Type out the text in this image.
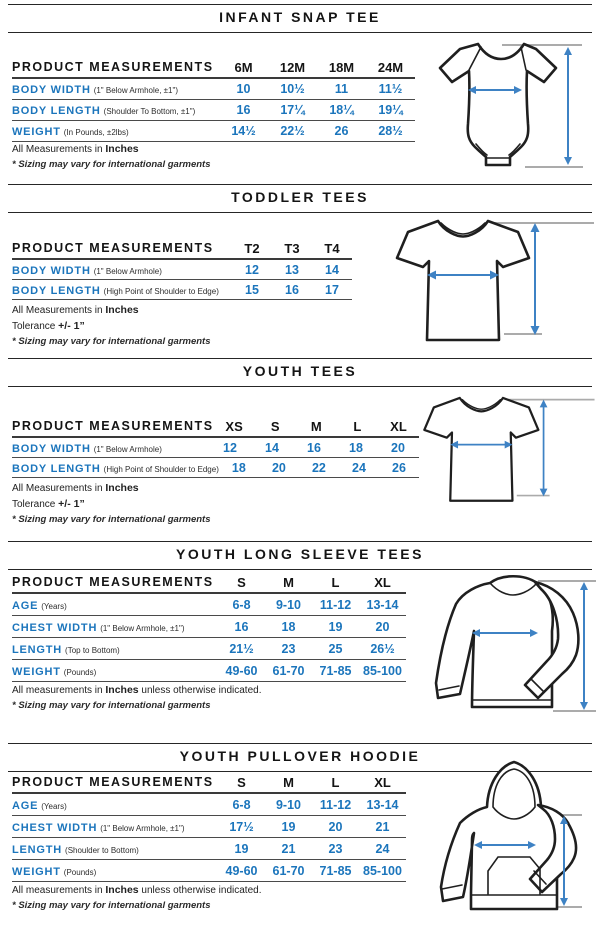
INFANT SNAP TEE
PRODUCT MEASUREMENTS	6M	12M	18M	24M
BODY WIDTH (1" Below Armhole, ±1")	10	10½	11	11½
BODY LENGTH (Shoulder To Bottom, ±1")	16	17¼	18¼	19¼
WEIGHT (In Pounds, ±2lbs)	14½	22½	26	28½
All Measurements in Inches
* Sizing may vary for international garments
TODDLER TEES
PRODUCT MEASUREMENTS	T2	T3	T4
BODY WIDTH (1" Below Armhole)	12	13	14
BODY LENGTH (High Point of Shoulder to Edge)	15	16	17
All Measurements in Inches
Tolerance +/- 1”
* Sizing may vary for international garments
YOUTH TEES
PRODUCT MEASUREMENTS XS	S	M	L	XL
BODY WIDTH (1" Below Armhole)	12	14	16	18	20
BODY LENGTH (High Point of Shoulder to Edge)	18	20	22	24	26
All Measurements in Inches
Tolerance +/- 1”
* Sizing may vary for international garments
YOUTH LONG SLEEVE TEES
PRODUCT MEASUREMENTS	S	M	L	XL
AGE (Years)	6-8	9-10	11-12	13-14
CHEST WIDTH (1" Below Armhole, ±1")	16	18	19	20
LENGTH (Top to Bottom)	21½	23	25	26½
WEIGHT (Pounds)	49-60	61-70	71-85 85-100
All measurements in Inches unless otherwise indicated.
* Sizing may vary for international garments
YOUTH PULLOVER HOODIE
PRODUCT MEASUREMENTS	S	M	L	XL
AGE (Years)	6-8	9-10	11-12	13-14
CHEST WIDTH (1" Below Armhole, ±1")	17½	19	20	21
LENGTH (Shoulder to Bottom)	19	21	23	24
WEIGHT (Pounds)	49-60	61-70	71-85 85-100
All measurements in Inches unless otherwise indicated.
* Sizing may vary for international garments
